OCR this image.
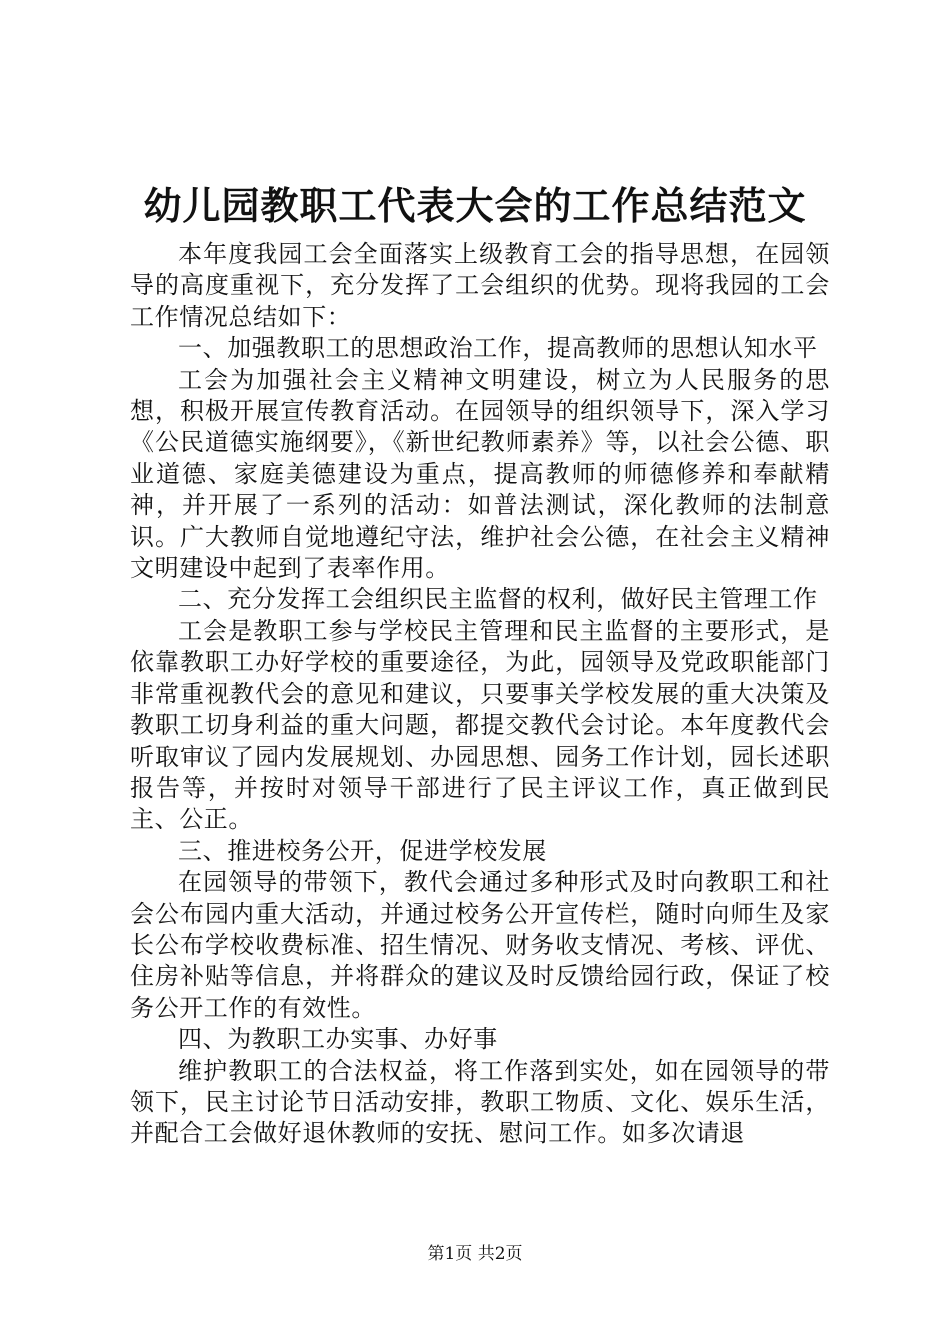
幼儿园教职工代表大会的工作总结范文

本年度我园工会全面落实上级教育工会的指导思想，在园领导的高度重视下，充分发挥了工会组织的优势。现将我园的工会工作情况总结如下：

一、加强教职工的思想政治工作，提高教师的思想认知水平

工会为加强社会主义精神文明建设，树立为人民服务的思想，积极开展宣传教育活动。在园领导的组织领导下，深入学习《公民道德实施纲要》，《新世纪教师素养》等，以社会公德、职业道德、家庭美德建设为重点，提高教师的师德修养和奉献精神，并开展了一系列的活动：如普法测试，深化教师的法制意识。广大教师自觉地遵纪守法，维护社会公德，在社会主义精神文明建设中起到了表率作用。

二、充分发挥工会组织民主监督的权利，做好民主管理工作

工会是教职工参与学校民主管理和民主监督的主要形式，是依靠教职工办好学校的重要途径，为此，园领导及党政职能部门非常重视教代会的意见和建议，只要事关学校发展的重大决策及教职工切身利益的重大问题，都提交教代会讨论。本年度教代会听取审议了园内发展规划、办园思想、园务工作计划，园长述职报告等，并按时对领导干部进行了民主评议工作，真正做到民主、公正。

三、推进校务公开，促进学校发展

在园领导的带领下，教代会通过多种形式及时向教职工和社会公布园内重大活动，并通过校务公开宣传栏，随时向师生及家长公布学校收费标准、招生情况、财务收支情况、考核、评优、住房补贴等信息，并将群众的建议及时反馈给园行政，保证了校务公开工作的有效性。

四、为教职工办实事、办好事

维护教职工的合法权益，将工作落到实处，如在园领导的带领下，民主讨论节日活动安排，教职工物质、文化、娱乐生活，并配合工会做好退休教师的安抚、慰问工作。如多次请退

第1页 共2页
